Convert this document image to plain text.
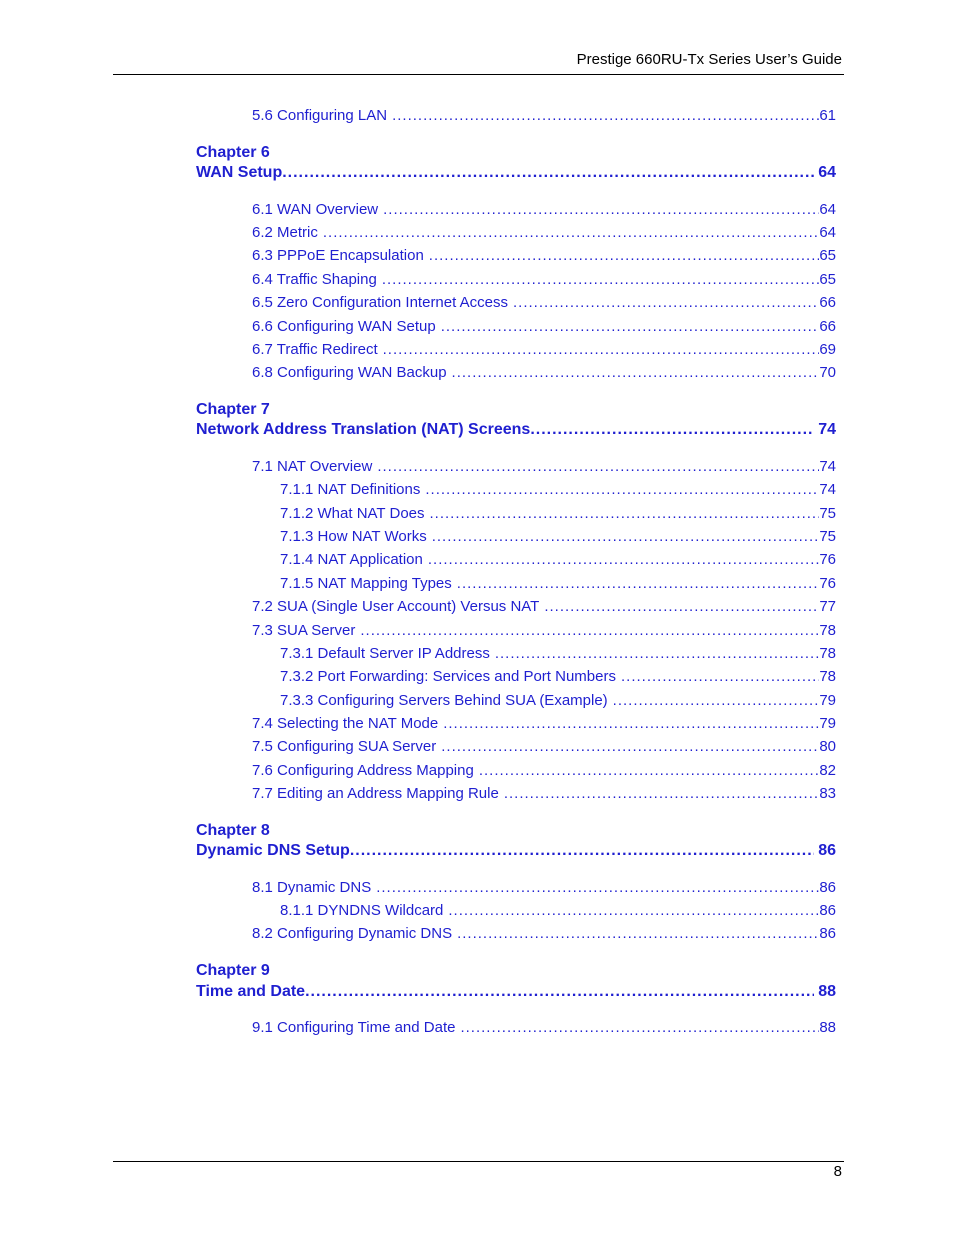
Prestige 660RU-Tx Series User’s Guide
5.6 Configuring LAN .....	61
Chapter 6
WAN Setup .....	64
6.1 WAN Overview .....	64
6.2 Metric .....	64
6.3 PPPoE Encapsulation .....	65
6.4 Traffic Shaping .....	65
6.5 Zero Configuration Internet Access .....	66
6.6 Configuring WAN Setup .....	66
6.7 Traffic Redirect .....	69
6.8 Configuring WAN Backup .....	70
Chapter 7
Network Address Translation (NAT) Screens .....	74
7.1 NAT Overview .....	74
7.1.1 NAT Definitions .....	74
7.1.2 What NAT Does .....	75
7.1.3 How NAT Works .....	75
7.1.4 NAT Application .....	76
7.1.5 NAT Mapping Types .....	76
7.2 SUA (Single User Account) Versus NAT .....	77
7.3 SUA Server .....	78
7.3.1 Default Server IP Address .....	78
7.3.2 Port Forwarding: Services and Port Numbers .....	78
7.3.3 Configuring Servers Behind SUA (Example) .....	79
7.4 Selecting the NAT Mode .....	79
7.5 Configuring SUA Server .....	80
7.6 Configuring Address Mapping .....	82
7.7 Editing an Address Mapping Rule .....	83
Chapter 8
Dynamic DNS Setup .....	86
8.1 Dynamic DNS .....	86
8.1.1 DYNDNS Wildcard .....	86
8.2 Configuring Dynamic DNS .....	86
Chapter 9
Time and Date .....	88
9.1 Configuring Time and Date .....	88
8
